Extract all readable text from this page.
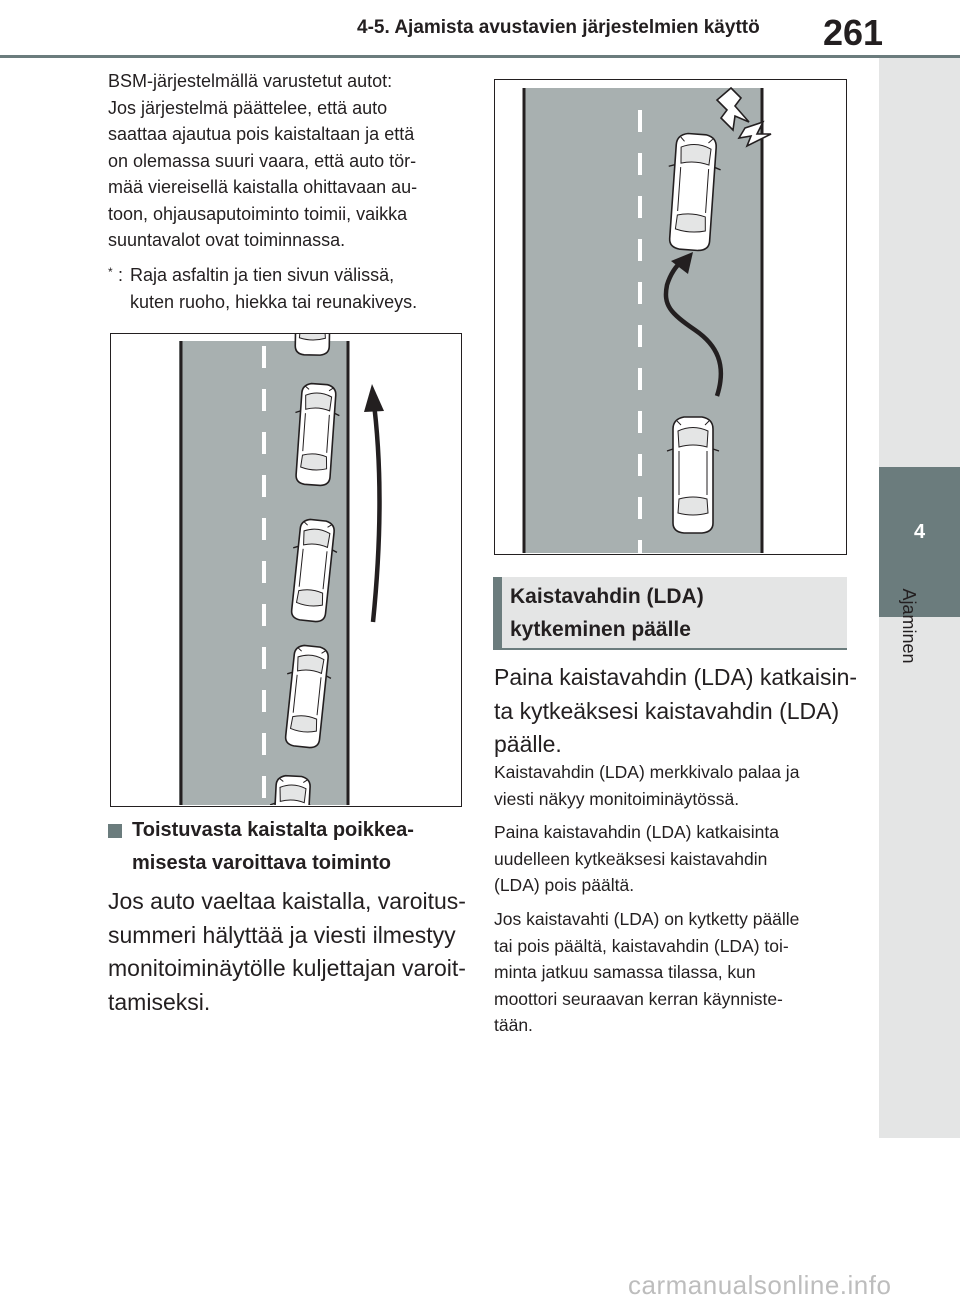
4-5. Ajamista avustavien järjestelmien käyttö 261
4
Ajaminen
BSM-järjestelmällä varustetut autot:
Jos järjestelmä päättelee, että auto
saattaa ajautua pois kaistaltaan ja että
on olemassa suuri vaara, että auto tör-
mää viereisellä kaistalla ohittavaan au-
toon, ohjausaputoiminto toimii, vaikka
suuntavalot ovat toiminnassa.
* : Raja asfaltin ja tien sivun välissä,
kuten ruoho, hiekka tai reunakiveys.
Toistuvasta kaistalta poikkea-
misesta varoittava toiminto
Jos auto vaeltaa kaistalla, varoitus-
summeri hälyttää ja viesti ilmestyy
monitoiminäytölle kuljettajan varoit-
tamiseksi.
Kaistavahdin (LDA)
kytkeminen päälle
Paina kaistavahdin (LDA) katkaisin-
ta kytkeäksesi kaistavahdin (LDA)
päälle.
Kaistavahdin (LDA) merkkivalo palaa ja
viesti näkyy monitoiminäytössä.
Paina kaistavahdin (LDA) katkaisinta
uudelleen kytkeäksesi kaistavahdin
(LDA) pois päältä.
Jos kaistavahti (LDA) on kytketty päälle
tai pois päältä, kaistavahdin (LDA) toi-
minta jatkuu samassa tilassa, kun
moottori seuraavan kerran käynniste-
tään.
carmanualsonline.info
